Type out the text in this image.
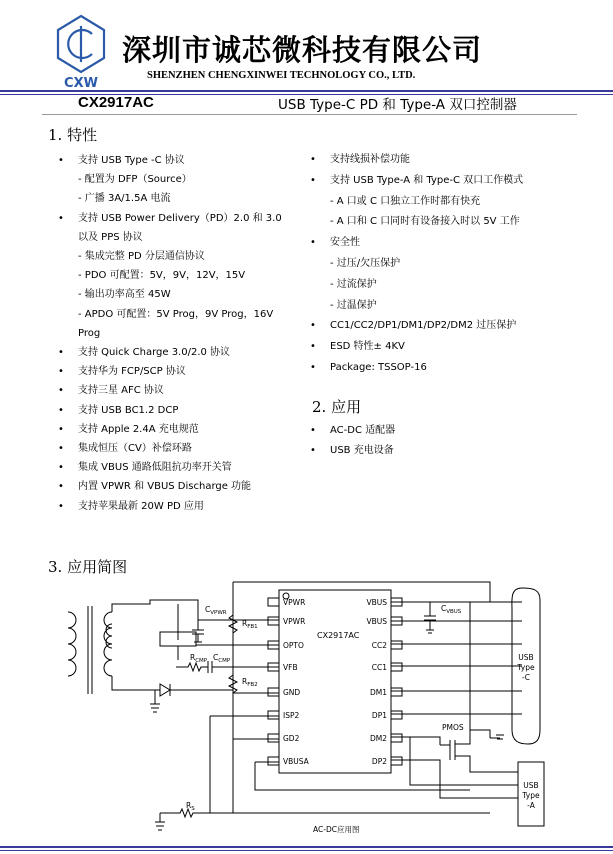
CXW
深圳市诚芯微科技有限公司
SHENZHEN CHENGXINWEI TECHNOLOGY CO., LTD.
CX2917AC	USB Type-C PD 和 Type-A 双口控制器
1. 特性
• 支持 USB Type -C 协议
- 配置为 DFP（Source）
- 广播 3A/1.5A 电流
• 支持 USB Power Delivery（PD）2.0 和 3.0
以及 PPS 协议
- 集成完整 PD 分层通信协议
- PDO 可配置：5V，9V，12V，15V
- 输出功率高至 45W
- APDO 可配置：5V Prog，9V Prog，16V
Prog
• 支持 Quick Charge 3.0/2.0 协议
• 支持华为 FCP/SCP 协议
• 支持三星 AFC 协议
• 支持 USB BC1.2 DCP
• 支持 Apple 2.4A 充电规范
• 集成恒压（CV）补偿环路
• 集成 VBUS 通路低阻抗功率开关管
• 内置 VPWR 和 VBUS Discharge 功能
• 支持苹果最新 20W PD 应用
• 支持线损补偿功能
• 支持 USB Type-A 和 Type-C 双口工作模式
- A 口或 C 口独立工作时都有快充
- A 口和 C 口同时有设备接入时以 5V 工作
• 安全性
- 过压/欠压保护
- 过流保护
- 过温保护
• CC1/CC2/DP1/DM1/DP2/DM2 过压保护
• ESD 特性± 4KV
• Package: TSSOP-16
2. 应用
• AC-DC 适配器
• USB 充电设备
3. 应用简图
VPWR
VPWR
OPTO
VFB
GND
ISP2
GD2
VBUSA
VBUS
VBUS
CC2
CC1
DM1
DP1
DM2
DP2
$C_{VPWR}$
$R_{FB1}$
$R_{FB2}$
$R_{CMP}$ $C_{CMP}$
$C_{VBUS}$
$R_S$
PMOS
CX2917AC
USB
Type
-C
USB
Type
-A
AC-DC应用图
